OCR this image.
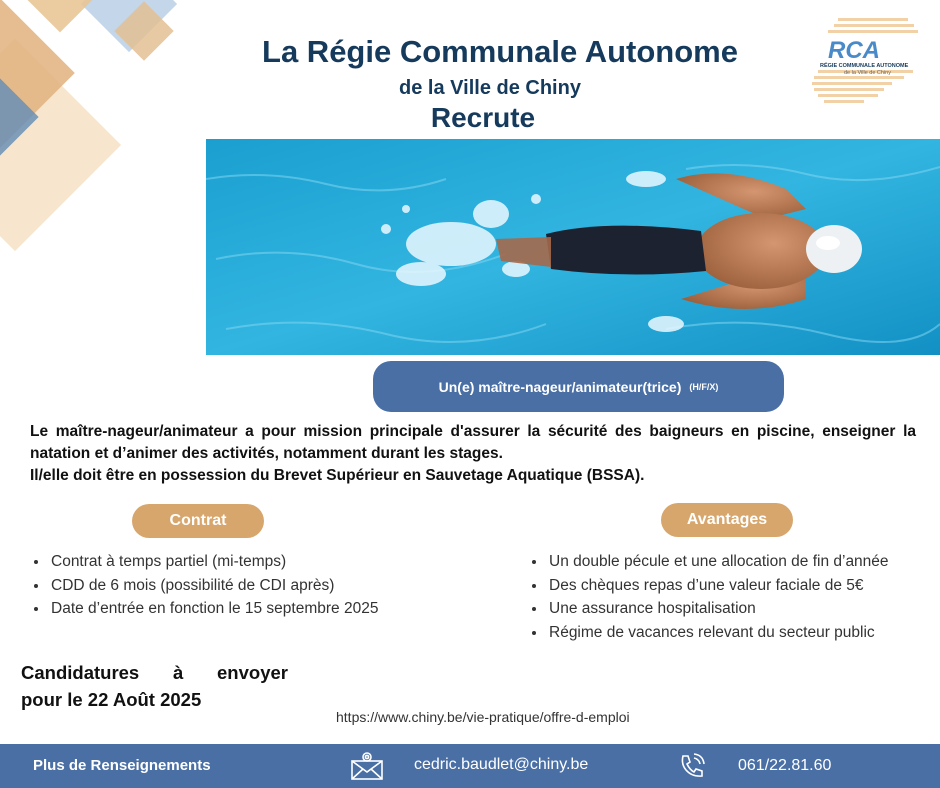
La Régie Communale Autonome
de la Ville de Chiny
Recrute
RCA
RÉGIE COMMUNALE AUTONOME
de la Ville de Chiny
Un(e) maître-nageur/animateur(trice) (H/F/X)

Le maître-nageur/animateur a pour mission principale d'assurer la sécurité des baigneurs en piscine, enseigner la natation et d’animer des activités, notamment durant les stages.

Il/elle doit être en possession du Brevet Supérieur en Sauvetage Aquatique (BSSA).

Contrat
• Contrat à temps partiel (mi-temps)
• CDD de 6 mois (possibilité de CDI après)
• Date d’entrée en fonction le 15 septembre 2025
Avantages
• Un double pécule et une allocation de fin d’année
• Des chèques repas d’une valeur faciale de 5€
• Une assurance hospitalisation
• Régime de vacances relevant du secteur public
Candidatures à envoyer
pour le 22 Août 2025
https://www.chiny.be/vie-pratique/offre-d-emploi
Plus de Renseignements	cedric.baudlet@chiny.be	061/22.81.60
